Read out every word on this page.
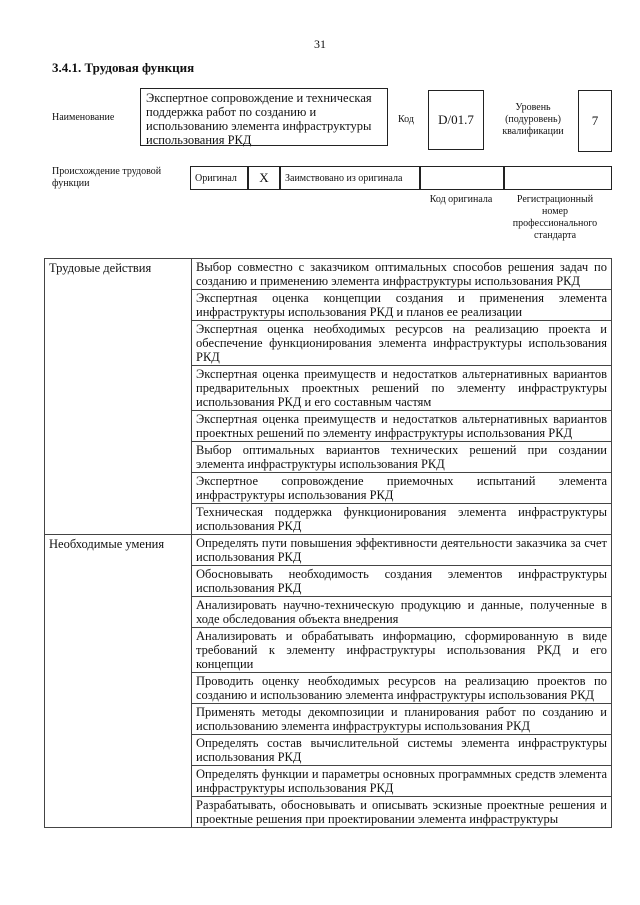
31
3.4.1. Трудовая функция
Наименование
Экспертное сопровождение и техническая поддержка работ по созданию и использованию элемента инфраструктуры использования РКД
Код	D/01.7
Уровень (подуровень) квалификации
7
Происхождение трудовой функции	Оригинал	X	Заимствовано из оригинала
Код оригинала	Регистрационный номер профессионального стандарта
Трудовые действия	Выбор совместно с заказчиком оптимальных способов решения задач по созданию и применению элемента инфраструктуры использования РКД
	Экспертная оценка концепции создания и применения элемента инфраструктуры использования РКД и планов ее реализации
	Экспертная оценка необходимых ресурсов на реализацию проекта и обеспечение функционирования элемента инфраструктуры использования РКД
	Экспертная оценка преимуществ и недостатков альтернативных вариантов предварительных проектных решений по элементу инфраструктуры использования РКД и его составным частям
	Экспертная оценка преимуществ и недостатков альтернативных вариантов проектных решений по элементу инфраструктуры использования РКД
	Выбор оптимальных вариантов технических решений при создании элемента инфраструктуры использования РКД
	Экспертное сопровождение приемочных испытаний элемента инфраструктуры использования РКД
	Техническая поддержка функционирования элемента инфраструктуры использования РКД
Необходимые умения	Определять пути повышения эффективности деятельности заказчика за счет использования РКД
	Обосновывать необходимость создания элементов инфраструктуры использования РКД
	Анализировать научно-техническую продукцию и данные, полученные в ходе обследования объекта внедрения
	Анализировать и обрабатывать информацию, сформированную в виде требований к элементу инфраструктуры использования РКД и его концепции
	Проводить оценку необходимых ресурсов на реализацию проектов по созданию и использованию элемента инфраструктуры использования РКД
	Применять методы декомпозиции и планирования работ по созданию и использованию элемента инфраструктуры использования РКД
	Определять состав вычислительной системы элемента инфраструктуры использования РКД
	Определять функции и параметры основных программных средств элемента инфраструктуры использования РКД
	Разрабатывать, обосновывать и описывать эскизные проектные решения и проектные решения при проектировании элемента инфраструктуры
